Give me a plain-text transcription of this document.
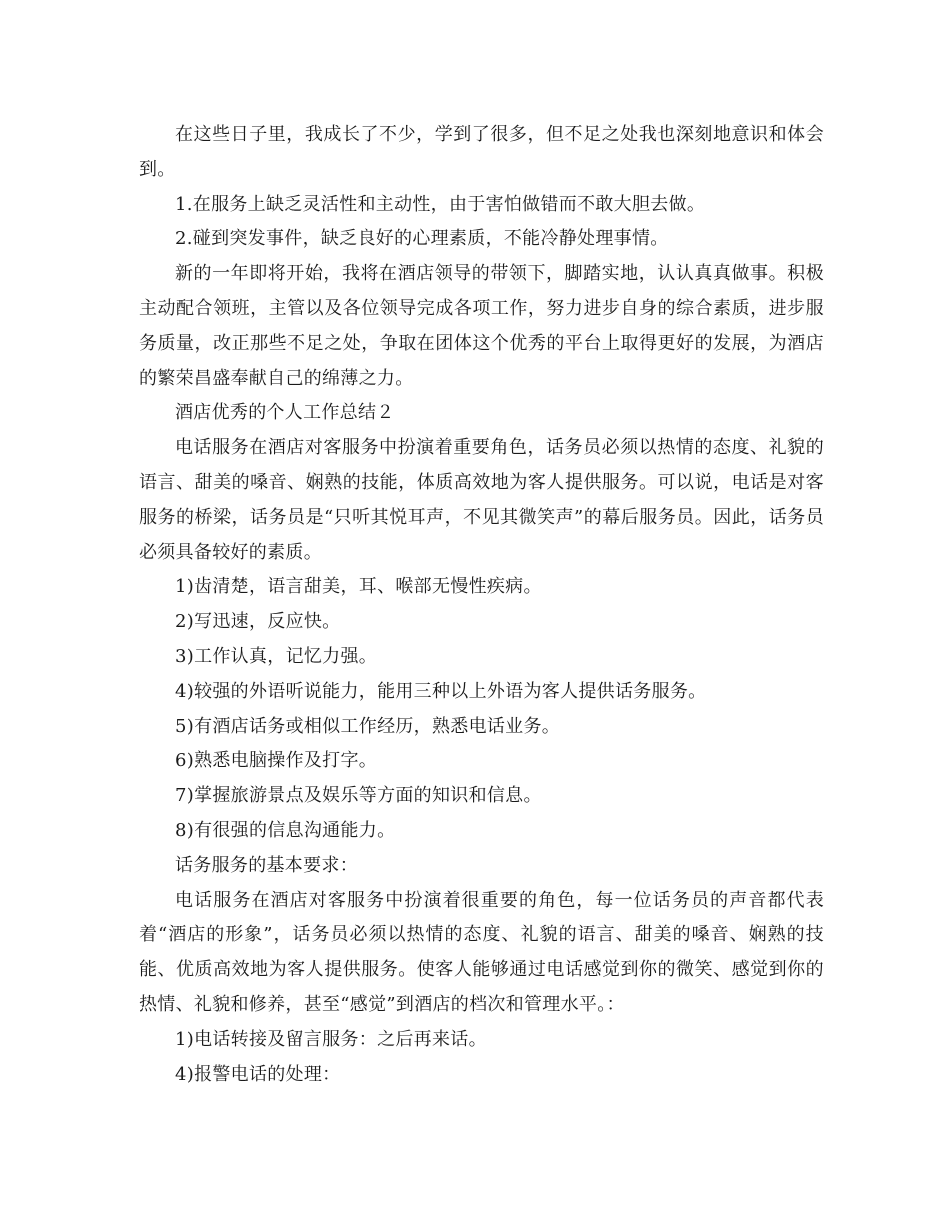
在这些日子里，我成长了不少，学到了很多，但不足之处我也深刻地意识和体会到。

1.在服务上缺乏灵活性和主动性，由于害怕做错而不敢大胆去做。

2.碰到突发事件，缺乏良好的心理素质，不能冷静处理事情。

新的一年即将开始，我将在酒店领导的带领下，脚踏实地，认认真真做事。积极主动配合领班，主管以及各位领导完成各项工作，努力进步自身的综合素质，进步服务质量，改正那些不足之处，争取在团体这个优秀的平台上取得更好的发展，为酒店的繁荣昌盛奉献自己的绵薄之力。

酒店优秀的个人工作总结２

电话服务在酒店对客服务中扮演着重要角色，话务员必须以热情的态度、礼貌的语言、甜美的嗓音、娴熟的技能，体质高效地为客人提供服务。可以说，电话是对客服务的桥梁，话务员是“只听其悦耳声，不见其微笑声”的幕后服务员。因此，话务员必须具备较好的素质。

1)齿清楚，语言甜美，耳、喉部无慢性疾病。

2)写迅速，反应快。

3)工作认真，记忆力强。

4)较强的外语听说能力，能用三种以上外语为客人提供话务服务。

5)有酒店话务或相似工作经历，熟悉电话业务。

6)熟悉电脑操作及打字。

7)掌握旅游景点及娱乐等方面的知识和信息。

8)有很强的信息沟通能力。

话务服务的基本要求：

电话服务在酒店对客服务中扮演着很重要的角色，每一位话务员的声音都代表着“酒店的形象”，话务员必须以热情的态度、礼貌的语言、甜美的嗓音、娴熟的技能、优质高效地为客人提供服务。使客人能够通过电话感觉到你的微笑、感觉到你的热情、礼貌和修养，甚至“感觉”到酒店的档次和管理水平。：

1)电话转接及留言服务：之后再来话。

4)报警电话的处理：
